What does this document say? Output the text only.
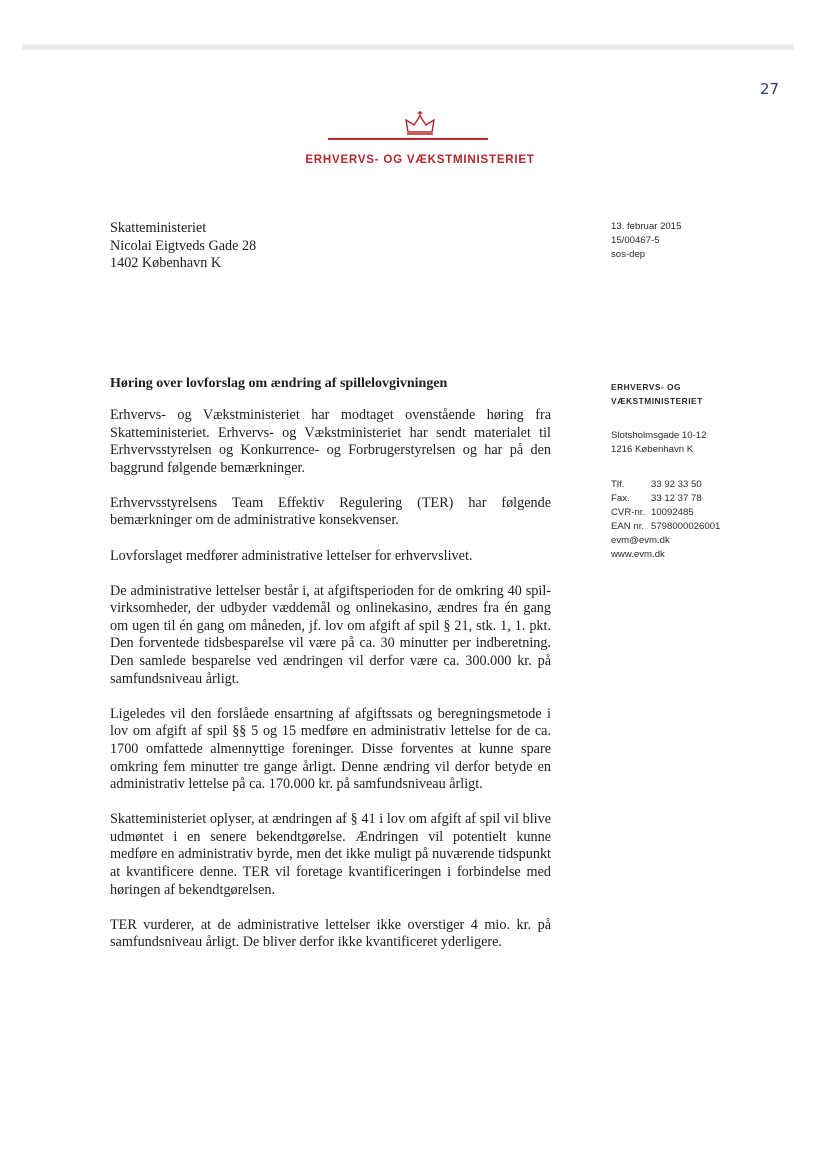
27
ERHVERVS- OG VÆKSTMINISTERIET
Skatteministeriet
Nicolai Eigtveds Gade 28
1402 København K
13. februar 2015
15/00467-5
sos-dep
Høring over lovforslag om ændring af spillelovgivningen

Erhvervs- og Vækstministeriet har modtaget ovenstående høring fra Skatteministeriet. Erhvervs- og Vækstministeriet har sendt materialet til Erhvervsstyrelsen og Konkurrence- og Forbrugerstyrelsen og har på den baggrund følgende bemærkninger.

Erhvervsstyrelsens Team Effektiv Regulering (TER) har følgende bemærkninger om de administrative konsekvenser.

Lovforslaget medfører administrative lettelser for erhvervslivet.

De administrative lettelser består i, at afgiftsperioden for de omkring 40 spil-virksomheder, der udbyder væddemål og onlinekasino, ændres fra én gang om ugen til én gang om måneden, jf. lov om afgift af spil § 21, stk. 1, 1. pkt. Den forventede tidsbesparelse vil være på ca. 30 minutter per indberetning. Den samlede besparelse ved ændringen vil derfor være ca. 300.000 kr. på samfundsniveau årligt.

Ligeledes vil den forslåede ensartning af afgiftssats og beregningsmetode i lov om afgift af spil §§ 5 og 15 medføre en administrativ lettelse for de ca. 1700 omfattede almennyttige foreninger. Disse forventes at kunne spare omkring fem minutter tre gange årligt. Denne ændring vil derfor betyde en administrativ lettelse på ca. 170.000 kr. på samfundsniveau årligt.

Skatteministeriet oplyser, at ændringen af § 41 i lov om afgift af spil vil blive udmøntet i en senere bekendtgørelse. Ændringen vil potentielt kunne medføre en administrativ byrde, men det ikke muligt på nuværende tidspunkt at kvantificere denne. TER vil foretage kvantificeringen i forbindelse med høringen af bekendtgørelsen.

TER vurderer, at de administrative lettelser ikke overstiger 4 mio. kr. på samfundsniveau årligt. De bliver derfor ikke kvantificeret yderligere.

ERHVERVS- OG
VÆKSTMINISTERIET
Slotsholmsgade 10-12
1216 København K
Tlf.	33 92 33 50
Fax.	33 12 37 78
CVR-nr. 10092485
EAN nr. 5798000026001
evm@evm.dk
www.evm.dk
